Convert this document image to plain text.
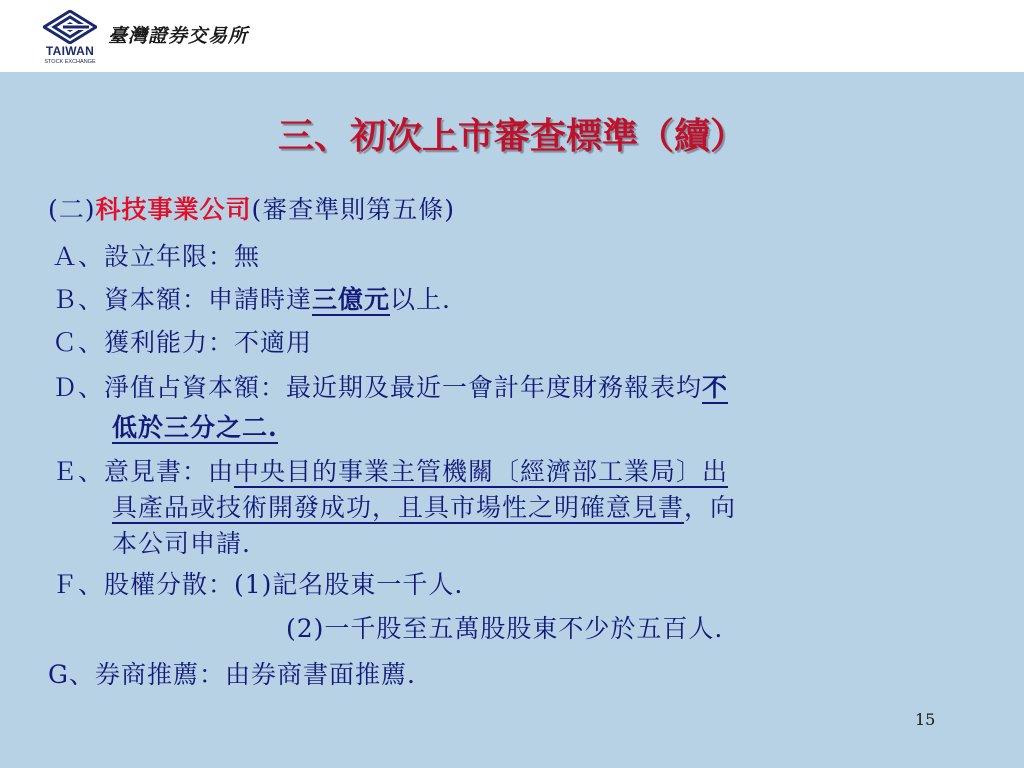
TAIWAN
STOCK EXCHANGE
臺灣證券交易所
三、初次上市審查標準（續）
(二)科技事業公司(審查準則第五條)
Ａ、設立年限：無
Ｂ、資本額：申請時達三億元以上.
Ｃ、獲利能力：不適用
Ｄ、淨值占資本額：最近期及最近一會計年度財務報表均不
低於三分之二.
Ｅ、意見書：由中央目的事業主管機關〔經濟部工業局〕出
具產品或技術開發成功，且具市場性之明確意見書，向
本公司申請.
Ｆ、股權分散：(1)記名股東一千人.
(2)一千股至五萬股股東不少於五百人.
G、券商推薦：由券商書面推薦.
15
